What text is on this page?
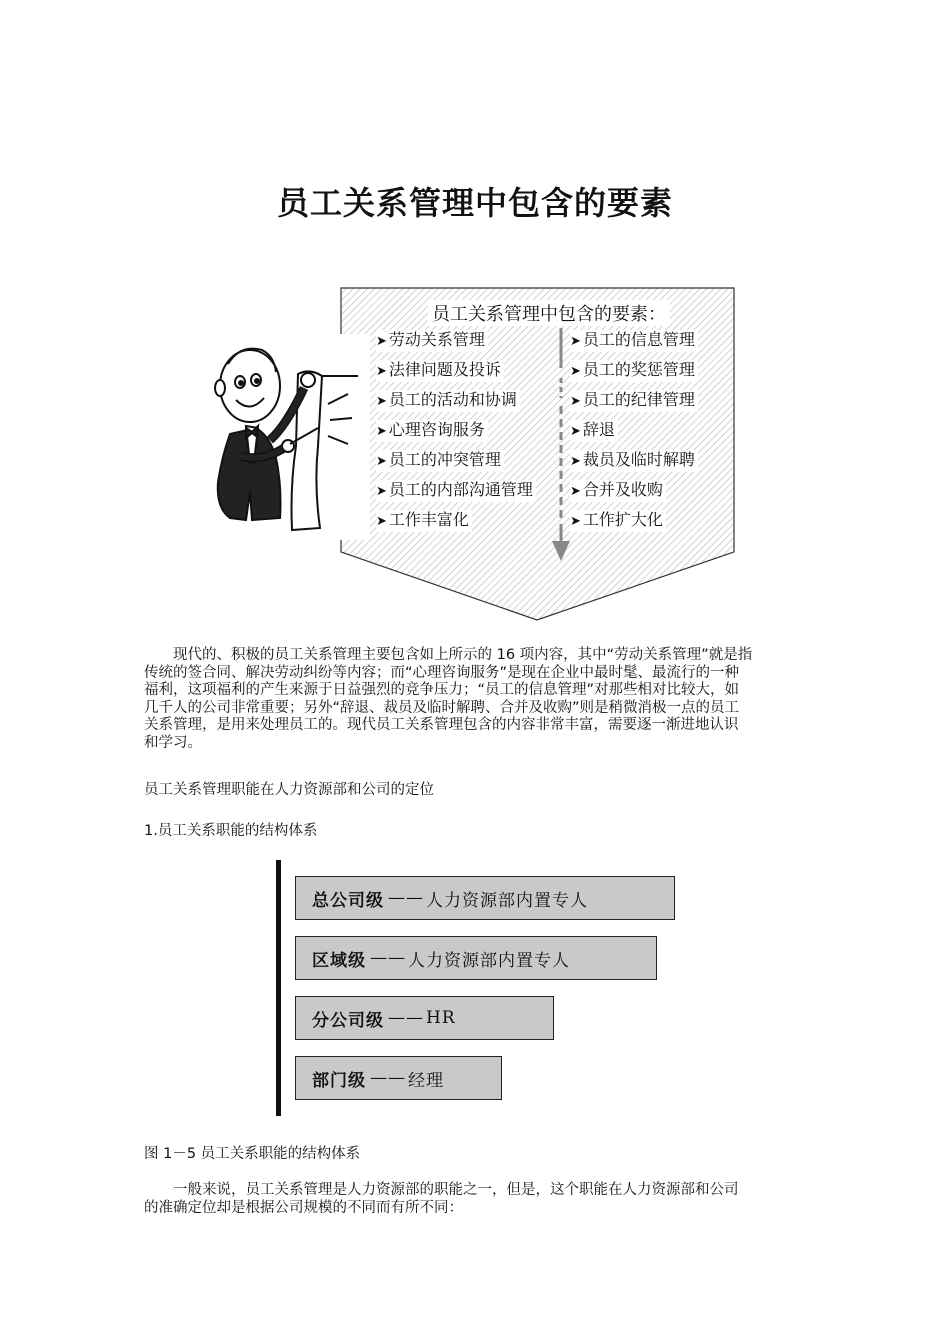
员工关系管理中包含的要素
员工关系管理中包含的要素：
➤ 劳动关系管理
➤ 法律问题及投诉
➤ 员工的活动和协调
➤ 心理咨询服务
➤ 员工的冲突管理
➤ 员工的内部沟通管理
➤ 工作丰富化
➤ 员工的信息管理
➤ 员工的奖惩管理
➤ 员工的纪律管理
➤ 辞退
➤ 裁员及临时解聘
➤ 合并及收购
➤ 工作扩大化
　　现代的、积极的员工关系管理主要包含如上所示的 16 项内容，其中“劳动关系管理”就是指
传统的签合同、解决劳动纠纷等内容；而“心理咨询服务”是现在企业中最时髦、最流行的一种
福利，这项福利的产生来源于日益强烈的竞争压力；“员工的信息管理”对那些相对比较大，如
几千人的公司非常重要；另外“辞退、裁员及临时解聘、合并及收购”则是稍微消极一点的员工
关系管理，是用来处理员工的。现代员工关系管理包含的内容非常丰富，需要逐一渐进地认识
和学习。
员工关系管理职能在人力资源部和公司的定位
1.员工关系职能的结构体系
总公司级 —— 人力资源部内置专人
区域级 —— 人力资源部内置专人
分公司级 —— HR
部门级 —— 经理
图 1－5 员工关系职能的结构体系
　　一般来说，员工关系管理是人力资源部的职能之一，但是，这个职能在人力资源部和公司
的准确定位却是根据公司规模的不同而有所不同：
